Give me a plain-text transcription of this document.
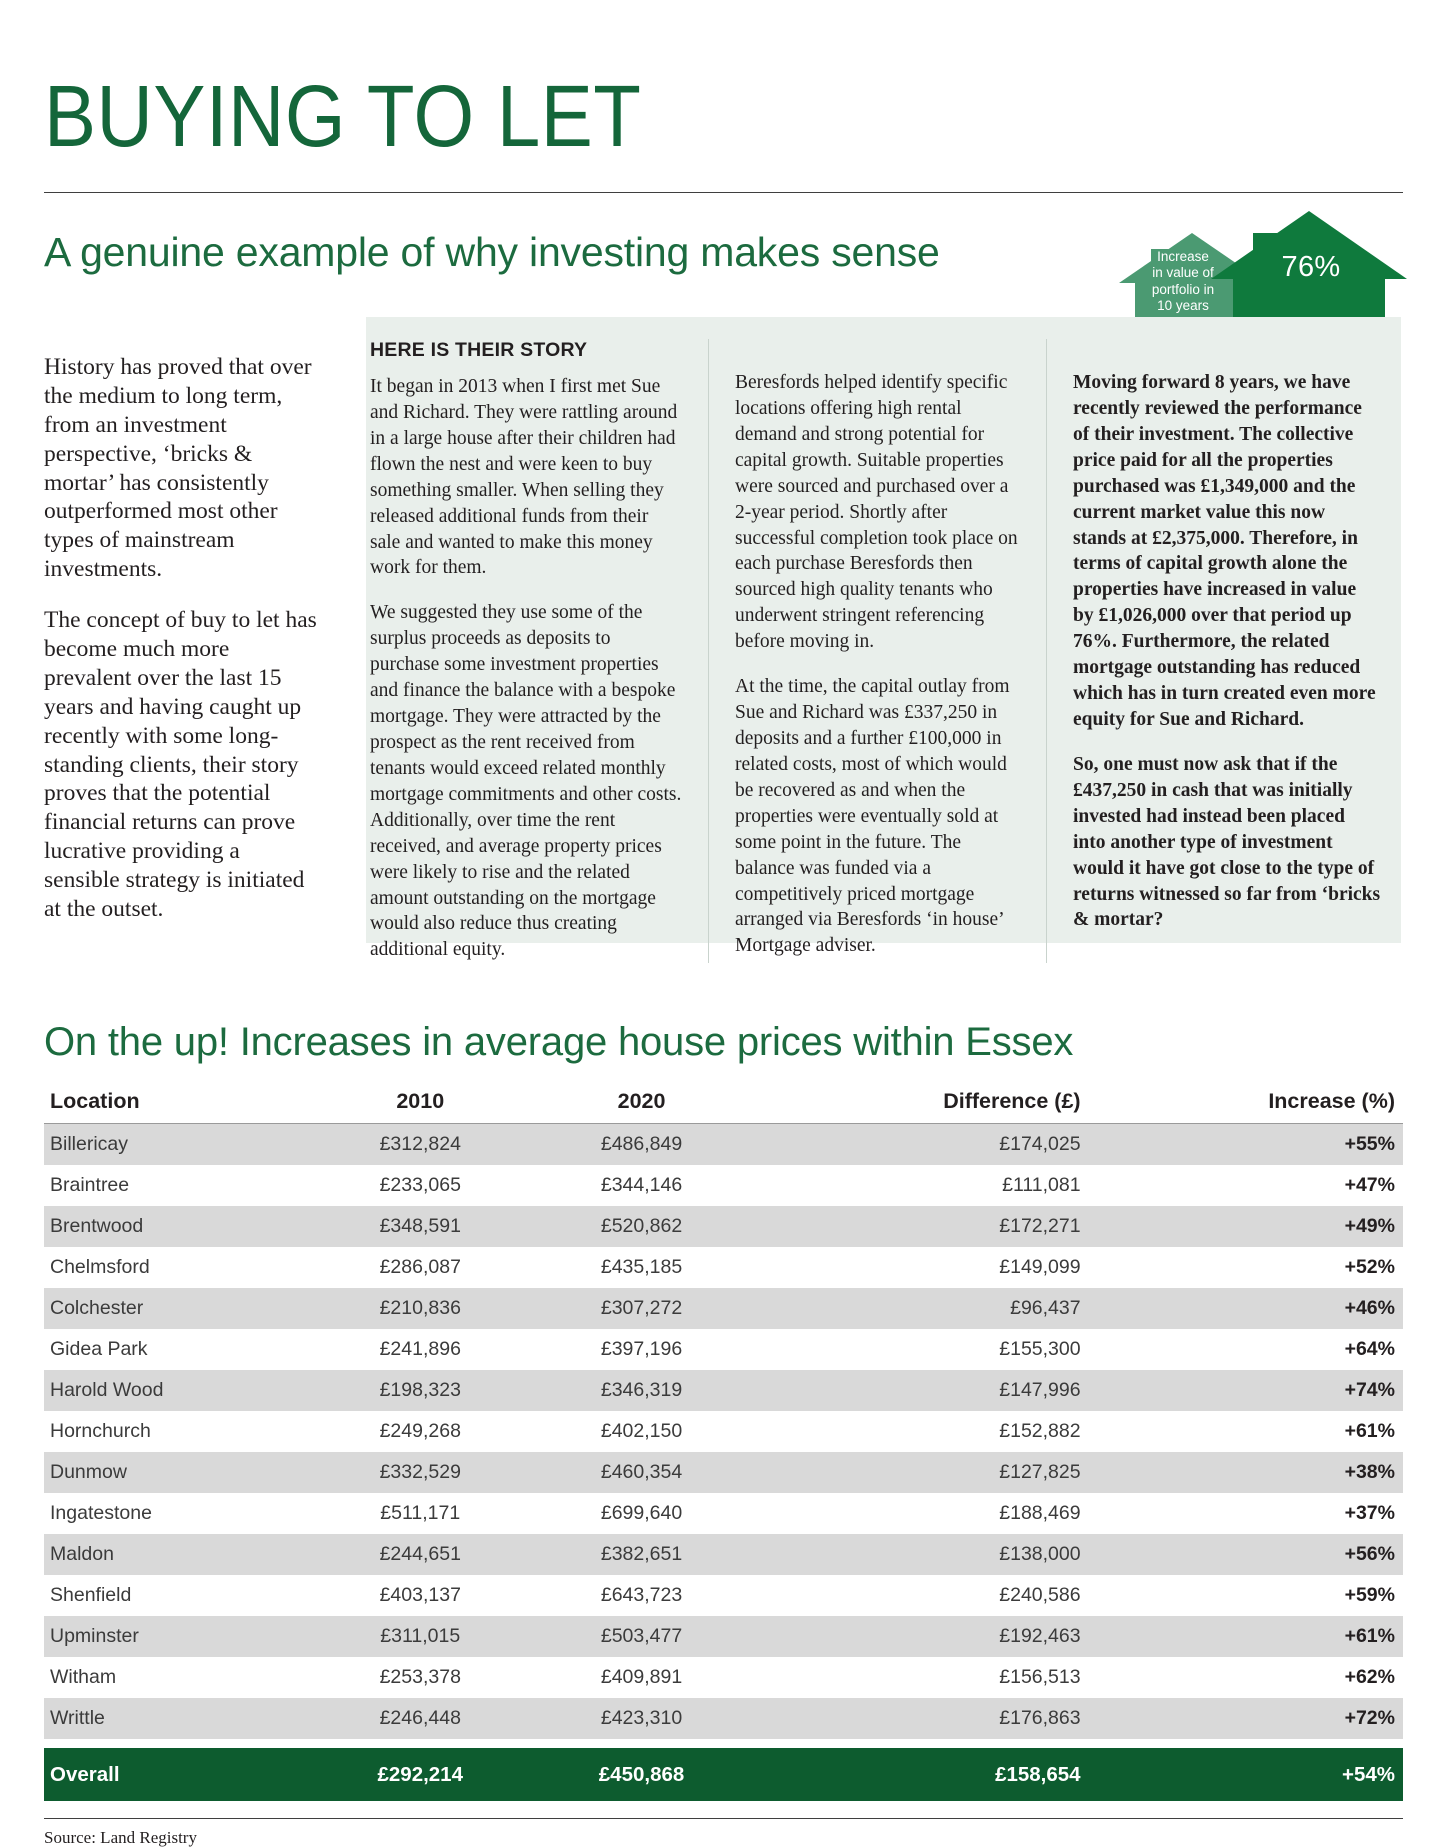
BUYING TO LET
A genuine example of why investing makes sense	Increase
in value of
portfolio in
10 years
76%

History has proved that over the medium to long term, from an investment perspective, ‘bricks & mortar’ has consistently outperformed most other types of mainstream investments.

The concept of buy to let has become much more prevalent over the last 15 years and having caught up recently with some long-standing clients, their story proves that the potential financial returns can prove lucrative providing a sensible strategy is initiated at the outset.

HERE IS THEIR STORY

It began in 2013 when I first met Sue and Richard. They were rattling around in a large house after their children had flown the nest and were keen to buy something smaller. When selling they released additional funds from their sale and wanted to make this money work for them.

We suggested they use some of the surplus proceeds as deposits to purchase some investment properties and finance the balance with a bespoke mortgage. They were attracted by the prospect as the rent received from tenants would exceed related monthly mortgage commitments and other costs. Additionally, over time the rent received, and average property prices were likely to rise and the related amount outstanding on the mortgage would also reduce thus creating additional equity.

Beresfords helped identify specific locations offering high rental demand and strong potential for capital growth. Suitable properties were sourced and purchased over a 2-year period. Shortly after successful completion took place on each purchase Beresfords then sourced high quality tenants who underwent stringent referencing before moving in.

At the time, the capital outlay from Sue and Richard was £337,250 in deposits and a further £100,000 in related costs, most of which would be recovered as and when the properties were eventually sold at some point in the future. The balance was funded via a competitively priced mortgage arranged via Beresfords ‘in house’ Mortgage adviser.

Moving forward 8 years, we have recently reviewed the performance of their investment. The collective price paid for all the properties purchased was £1,349,000 and the current market value this now stands at £2,375,000. Therefore, in terms of capital growth alone the properties have increased in value by £1,026,000 over that period up 76%. Furthermore, the related mortgage outstanding has reduced which has in turn created even more equity for Sue and Richard.

So, one must now ask that if the £437,250 in cash that was initially invested had instead been placed into another type of investment would it have got close to the type of returns witnessed so far from ‘bricks & mortar?

On the up! Increases in average house prices within Essex
Location	2010	2020	Difference (£)	Increase (%)
Billericay	£312,824	£486,849	£174,025	+55%
Braintree	£233,065	£344,146	£111,081	+47%
Brentwood	£348,591	£520,862	£172,271	+49%
Chelmsford	£286,087	£435,185	£149,099	+52%
Colchester	£210,836	£307,272	£96,437	+46%
Gidea Park	£241,896	£397,196	£155,300	+64%
Harold Wood	£198,323	£346,319	£147,996	+74%
Hornchurch	£249,268	£402,150	£152,882	+61%
Dunmow	£332,529	£460,354	£127,825	+38%
Ingatestone	£511,171	£699,640	£188,469	+37%
Maldon	£244,651	£382,651	£138,000	+56%
Shenfield	£403,137	£643,723	£240,586	+59%
Upminster	£311,015	£503,477	£192,463	+61%
Witham	£253,378	£409,891	£156,513	+62%
Writtle	£246,448	£423,310	£176,863	+72%

Overall	£292,214	£450,868	£158,654	+54%
Source: Land Registry
